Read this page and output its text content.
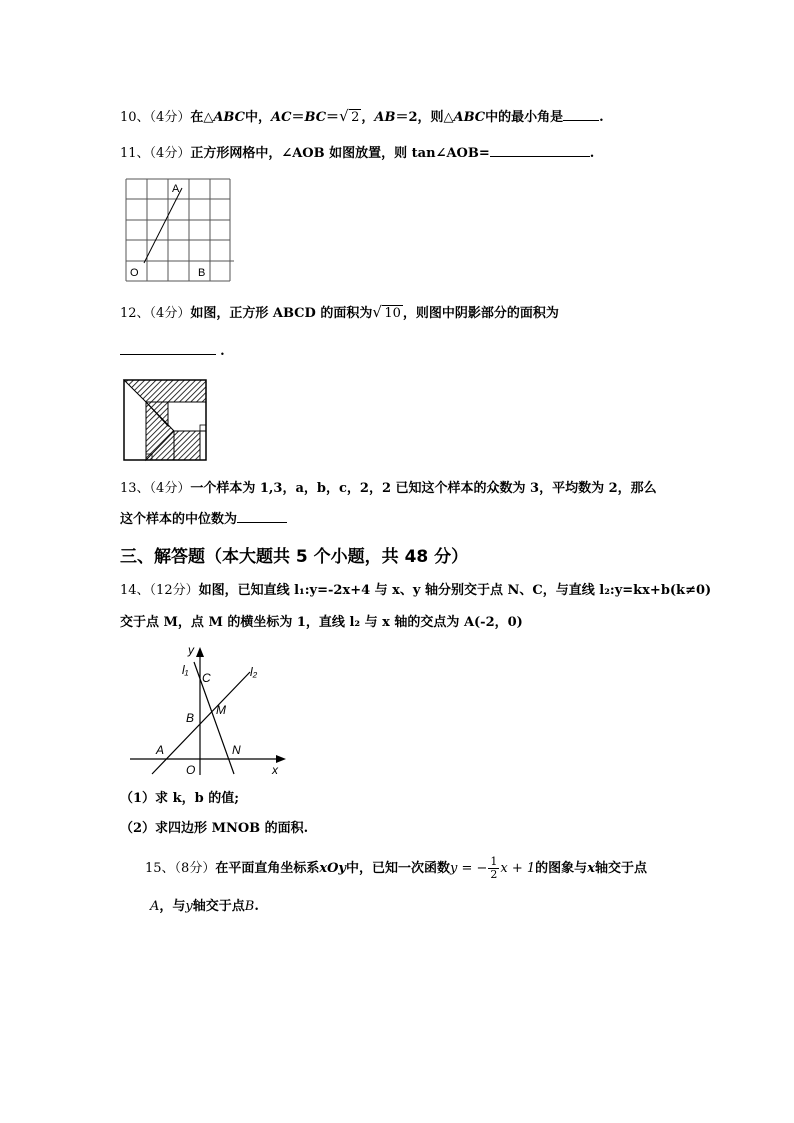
10、（4分）在△ABC中，AC＝BC＝ √ 2 ，AB＝2，则△ABC中的最小角是	.
11、（4分）正方形网格中，∠AOB 如图放置，则 tan∠AOB=	.
A
O	B
12、（4分）如图，正方形 ABCD 的面积为 √ 10 ，则图中阴影部分的面积为
.
13、（4分）一个样本为 1,3，a，b，c，2，2 已知这个样本的众数为 3，平均数为 2，那么
这个样本的中位数为
三、解答题（本大题共 5 个小题，共 48 分）
14、（12分）如图，已知直线 l₁:y=-2x+4 与 x、y 轴分别交于点 N、C，与直线 l₂:y=kx+b(k≠0)
交于点 M，点 M 的横坐标为 1，直线 l₂ 与 x 轴的交点为 A(-2，0)
y
x
l₁	l₂
C
B
M
A
O
N
（1）求 k，b 的值;
（2）求四边形 MNOB 的面积.
15、（8分）在平面直角坐标系xOy中，已知一次函数y = − $\frac{1}{2}$ x + 1的图象与x轴交于点
A，与y轴交于点B.
